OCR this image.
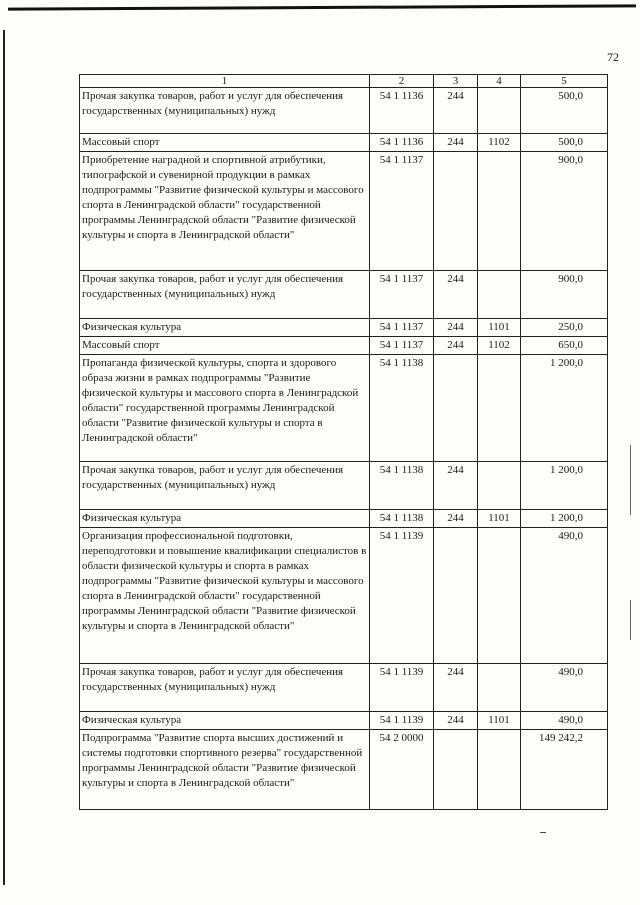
72
1	2	3	4	5
Прочая закупка товаров, работ и услуг для обеспечения государственных (муниципальных) нужд	54 1 1136	244		500,0
Массовый спорт	54 1 1136	244	1102	500,0
Приобретение наградной и спортивной атрибутики, типографской и сувенирной продукции в рамках подпрограммы "Развитие физической культуры и массового спорта в Ленинградской области" государственной программы Ленинградской области "Развитие физической культуры и спорта в Ленинградской области"	54 1 1137			900,0
Прочая закупка товаров, работ и услуг для обеспечения государственных (муниципальных) нужд	54 1 1137	244		900,0
Физическая культура	54 1 1137	244	1101	250,0
Массовый спорт	54 1 1137	244	1102	650,0
Пропаганда физической культуры, спорта и здорового образа жизни в рамках подпрограммы "Развитие физической культуры и массового спорта в Ленинградской области" государственной программы Ленинградской области "Развитие физической культуры и спорта в Ленинградской области"	54 1 1138			1 200,0
Прочая закупка товаров, работ и услуг для обеспечения государственных (муниципальных) нужд	54 1 1138	244		1 200,0
Физическая культура	54 1 1138	244	1101	1 200,0
Организация профессиональной подготовки, переподготовки и повышение квалификации специалистов в области физической культуры и спорта в рамках подпрограммы "Развитие физической культуры и массового спорта в Ленинградской области" государственной программы Ленинградской области "Развитие физической культуры и спорта в Ленинградской области"	54 1 1139			490,0
Прочая закупка товаров, работ и услуг для обеспечения государственных (муниципальных) нужд	54 1 1139	244		490,0
Физическая культура	54 1 1139	244	1101	490,0
Подпрограмма "Развитие спорта высших достижений и системы подготовки спортивного резерва" государственной программы Ленинградской области "Развитие физической культуры и спорта в Ленинградской области"	54 2 0000			149 242,2
